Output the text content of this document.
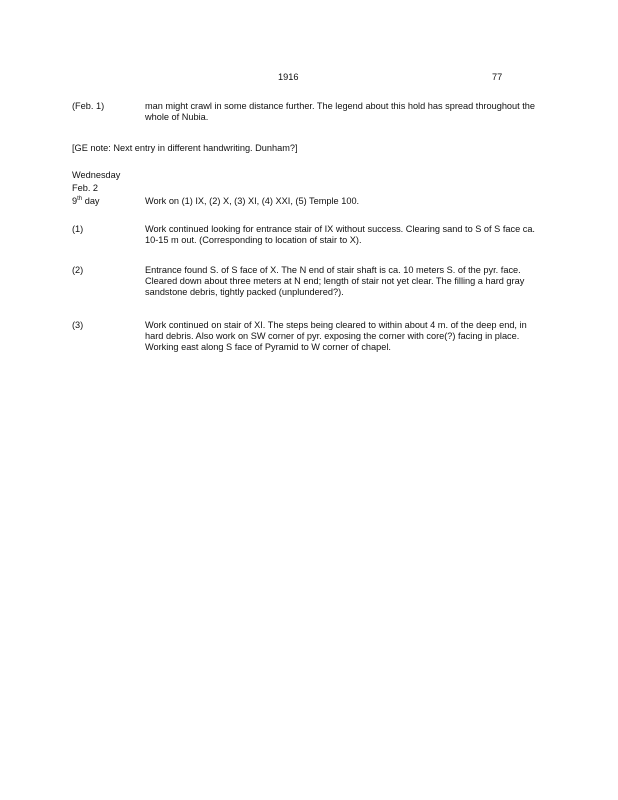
1916	77
(Feb. 1)	man might crawl in some distance further. The legend about this hold has spread throughout the whole of Nubia.

[GE note: Next entry in different handwriting. Dunham?]

Wednesday
Feb. 2
9th day	Work on (1) IX, (2) X, (3) XI, (4) XXI, (5) Temple 100.

(1)	Work continued looking for entrance stair of IX without success. Clearing sand to S of S face ca. 10-15 m out. (Corresponding to location of stair to X).

(2)	Entrance found S. of S face of X. The N end of stair shaft is ca. 10 meters S. of the pyr. face. Cleared down about three meters at N end; length of stair not yet clear. The filling a hard gray sandstone debris, tightly packed (unplundered?).

(3)	Work continued on stair of XI. The steps being cleared to within about 4 m. of the deep end, in hard debris. Also work on SW corner of pyr. exposing the corner with core(?) facing in place. Working east along S face of Pyramid to W corner of chapel.
